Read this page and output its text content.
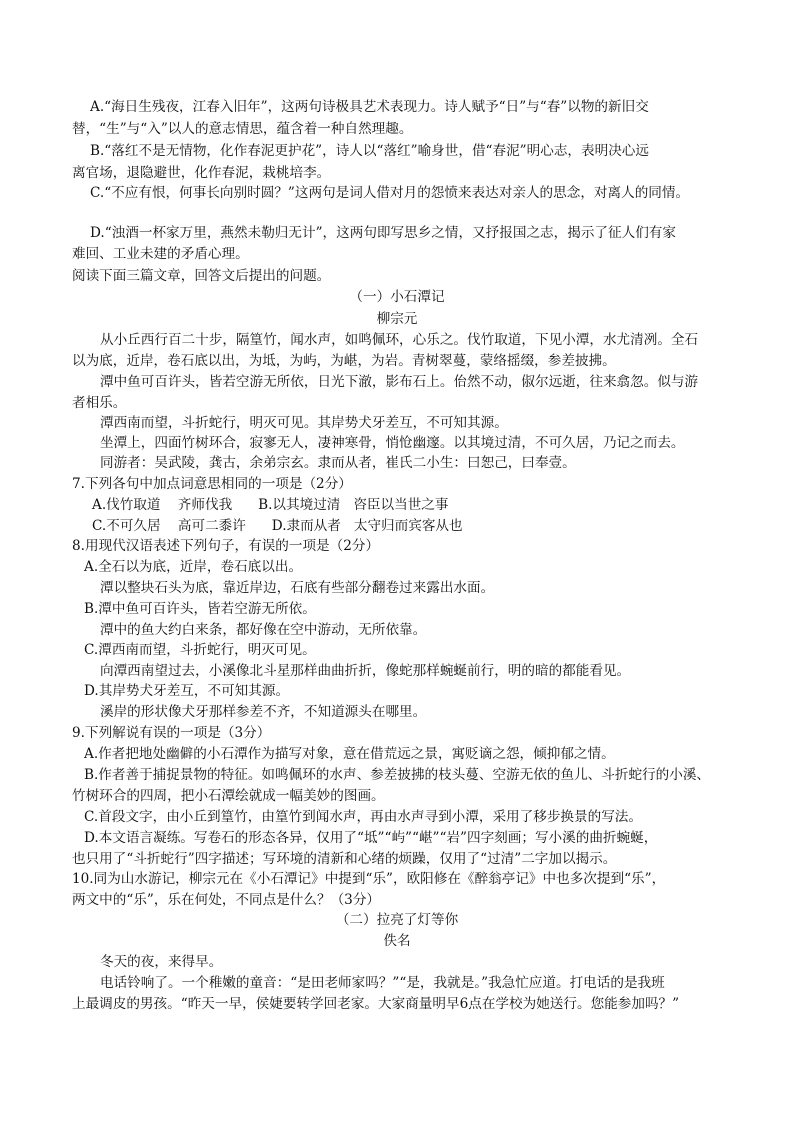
A.“海日生残夜，江春入旧年”，这两句诗极具艺术表现力。诗人赋予“日”与“春”以物的新旧交
替，“生”与“入”以人的意志情思，蕴含着一种自然理趣。
B.“落红不是无情物，化作春泥更护花”，诗人以“落红”喻身世，借“春泥”明心志，表明决心远
离官场，退隐避世，化作春泥，栽桃培李。
C.“不应有恨，何事长向别时圆？”这两句是词人借对月的怨愤来表达对亲人的思念，对离人的同情。
D.“浊酒一杯家万里，燕然未勒归无计”，这两句即写思乡之情，又抒报国之志，揭示了征人们有家
难回、工业未建的矛盾心理。
阅读下面三篇文章，回答文后提出的问题。
（一）小石潭记
柳宗元
从小丘西行百二十步，隔篁竹，闻水声，如鸣佩环，心乐之。伐竹取道，下见小潭，水尤清冽。全石
以为底，近岸，卷石底以出，为坻，为屿，为嵁，为岩。青树翠蔓，蒙络摇缀，参差披拂。
潭中鱼可百许头，皆若空游无所依，日光下澈，影布石上。佁然不动，俶尔远逝，往来翕忽。似与游
者相乐。
潭西南而望，斗折蛇行，明灭可见。其岸势犬牙差互，不可知其源。
坐潭上，四面竹树环合，寂寥无人，凄神寒骨，悄怆幽邃。以其境过清，不可久居，乃记之而去。
同游者：吴武陵，龚古，余弟宗玄。隶而从者，崔氏二小生：曰恕己，曰奉壹。
7.下列各句中加点词意思相同的一项是（2分）
A.伐竹取道    齐师伐我      B.以其境过清   咨臣以当世之事
C.不可久居    高可二黍许      D.隶而从者   太守归而宾客从也
8.用现代汉语表述下列句子，有误的一项是（2分）
A.全石以为底，近岸，卷石底以出。
潭以整块石头为底，靠近岸边，石底有些部分翻卷过来露出水面。
B.潭中鱼可百许头，皆若空游无所依。
潭中的鱼大约白来条，都好像在空中游动，无所依靠。
C.潭西南而望，斗折蛇行，明灭可见。
向潭西南望过去，小溪像北斗星那样曲曲折折，像蛇那样蜿蜒前行，明的暗的都能看见。
D.其岸势犬牙差互，不可知其源。
溪岸的形状像犬牙那样参差不齐，不知道源头在哪里。
9.下列解说有误的一项是（3分）
A.作者把地处幽僻的小石潭作为描写对象，意在借荒远之景，寓贬谪之怨，倾抑郁之情。
B.作者善于捕捉景物的特征。如鸣佩环的水声、参差披拂的枝头蔓、空游无依的鱼儿、斗折蛇行的小溪、
竹树环合的四周，把小石潭绘就成一幅美妙的图画。
C.首段文字，由小丘到篁竹，由篁竹到闻水声，再由水声寻到小潭，采用了移步换景的写法。
D.本文语言凝练。写卷石的形态各异，仅用了“坻”“屿”“嵁”“岩”四字刻画；写小溪的曲折蜿蜒，
也只用了“斗折蛇行”四字描述；写环境的清新和心绪的烦躁，仅用了“过清”二字加以揭示。
10.同为山水游记，柳宗元在《小石潭记》中提到“乐”，欧阳修在《醉翁亭记》中也多次提到“乐”，
两文中的“乐”，乐在何处，不同点是什么？（3分）
（二）拉亮了灯等你
佚名
冬天的夜，来得早。
电话铃响了。一个稚嫩的童音：“是田老师家吗？”“是，我就是。”我急忙应道。打电话的是我班
上最调皮的男孩。“昨天一早，侯婕要转学回老家。大家商量明早6点在学校为她送行。您能参加吗？”
